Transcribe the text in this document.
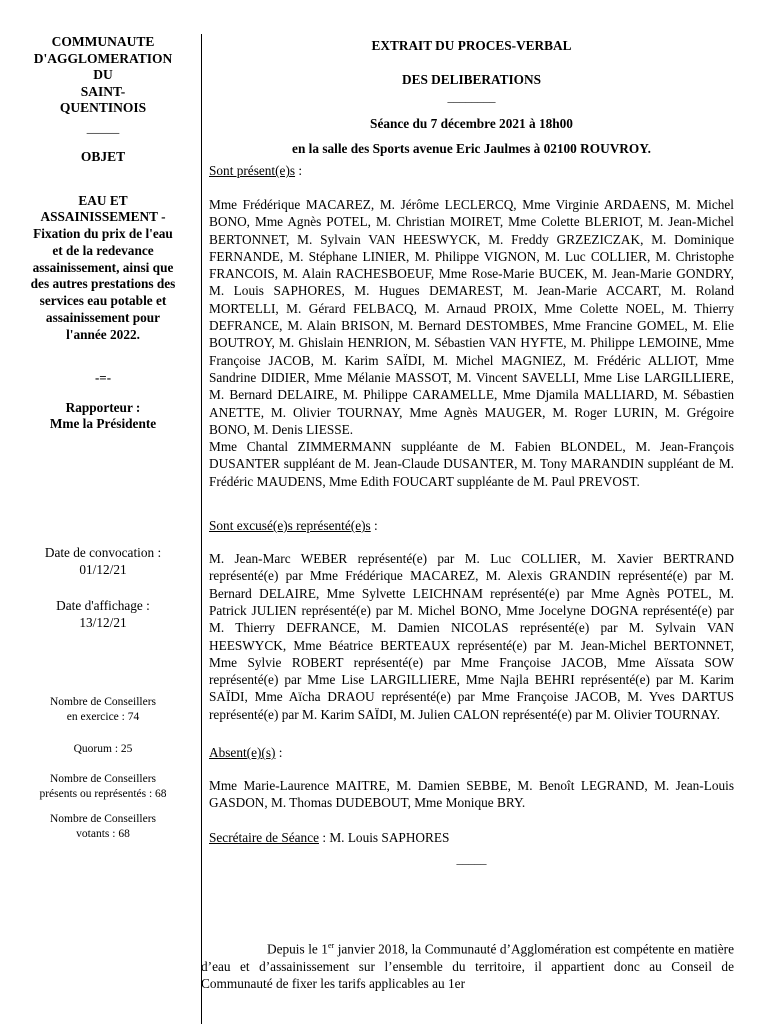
COMMUNAUTE
D'AGGLOMERATION
DU
SAINT-
QUENTINOIS
_____
OBJET
EAU ET
ASSAINISSEMENT -
Fixation du prix de l'eau
et de la redevance
assainissement, ainsi que
des autres prestations des
services eau potable et
assainissement pour
l'année 2022.
-=-
Rapporteur :
Mme la Présidente
Date de convocation :
01/12/21
Date d'affichage :
13/12/21
Nombre de Conseillers
en exercice : 74
Quorum : 25
Nombre de Conseillers
présents ou représentés : 68
Nombre de Conseillers
votants : 68
EXTRAIT DU PROCES-VERBAL
DES DELIBERATIONS
________
Séance du 7 décembre 2021 à 18h00
en la salle des Sports avenue Eric Jaulmes à 02100 ROUVROY.
Sont présent(e)s :
Mme Frédérique MACAREZ, M. Jérôme LECLERCQ, Mme Virginie ARDAENS, M. Michel BONO, Mme Agnès POTEL, M. Christian MOIRET, Mme Colette BLERIOT, M. Jean-Michel BERTONNET, M. Sylvain VAN HEESWYCK, M. Freddy GRZEZICZAK, M. Dominique FERNANDE, M. Stéphane LINIER, M. Philippe VIGNON, M. Luc COLLIER, M. Christophe FRANCOIS, M. Alain RACHESBOEUF, Mme Rose-Marie BUCEK, M. Jean-Marie GONDRY, M. Louis SAPHORES, M. Hugues DEMAREST, M. Jean-Marie ACCART, M. Roland MORTELLI, M. Gérard FELBACQ, M. Arnaud PROIX, Mme Colette NOEL, M. Thierry DEFRANCE, M. Alain BRISON, M. Bernard DESTOMBES, Mme Francine GOMEL, M. Elie BOUTROY, M. Ghislain HENRION, M. Sébastien VAN HYFTE, M. Philippe LEMOINE, Mme Françoise JACOB, M. Karim SAÏDI, M. Michel MAGNIEZ, M. Frédéric ALLIOT, Mme Sandrine DIDIER, Mme Mélanie MASSOT, M. Vincent SAVELLI, Mme Lise LARGILLIERE, M. Bernard DELAIRE, M. Philippe CARAMELLE, Mme Djamila MALLIARD, M. Sébastien ANETTE, M. Olivier TOURNAY, Mme Agnès MAUGER, M. Roger LURIN, M. Grégoire BONO, M. Denis LIESSE.
Mme Chantal ZIMMERMANN suppléante de M. Fabien BLONDEL, M. Jean-François DUSANTER suppléant de M. Jean-Claude DUSANTER, M. Tony MARANDIN suppléant de M. Frédéric MAUDENS, Mme Edith FOUCART suppléante de M. Paul PREVOST.
Sont excusé(e)s représenté(e)s :
M. Jean-Marc WEBER représenté(e) par M. Luc COLLIER, M. Xavier BERTRAND représenté(e) par Mme Frédérique MACAREZ, M. Alexis GRANDIN représenté(e) par M. Bernard DELAIRE, Mme Sylvette LEICHNAM représenté(e) par Mme Agnès POTEL, M. Patrick JULIEN représenté(e) par M. Michel BONO, Mme Jocelyne DOGNA représenté(e) par M. Thierry DEFRANCE, M. Damien NICOLAS représenté(e) par M. Sylvain VAN HEESWYCK, Mme Béatrice BERTEAUX représenté(e) par M. Jean-Michel BERTONNET, Mme Sylvie ROBERT représenté(e) par Mme Françoise JACOB, Mme Aïssata SOW représenté(e) par Mme Lise LARGILLIERE, Mme Najla BEHRI représenté(e) par M. Karim SAÏDI, Mme Aïcha DRAOU représenté(e) par Mme Françoise JACOB, M. Yves DARTUS représenté(e) par M. Karim SAÏDI, M. Julien CALON représenté(e) par M. Olivier TOURNAY.
Absent(e)(s) :
Mme Marie-Laurence MAITRE, M. Damien SEBBE, M. Benoît LEGRAND, M. Jean-Louis GASDON, M. Thomas DUDEBOUT, Mme Monique BRY.
Secrétaire de Séance : M. Louis SAPHORES
_____
Depuis le 1er janvier 2018, la Communauté d’Agglomération est compétente en matière d’eau et d’assainissement sur l’ensemble du territoire, il appartient donc au Conseil de Communauté de fixer les tarifs applicables au 1er
